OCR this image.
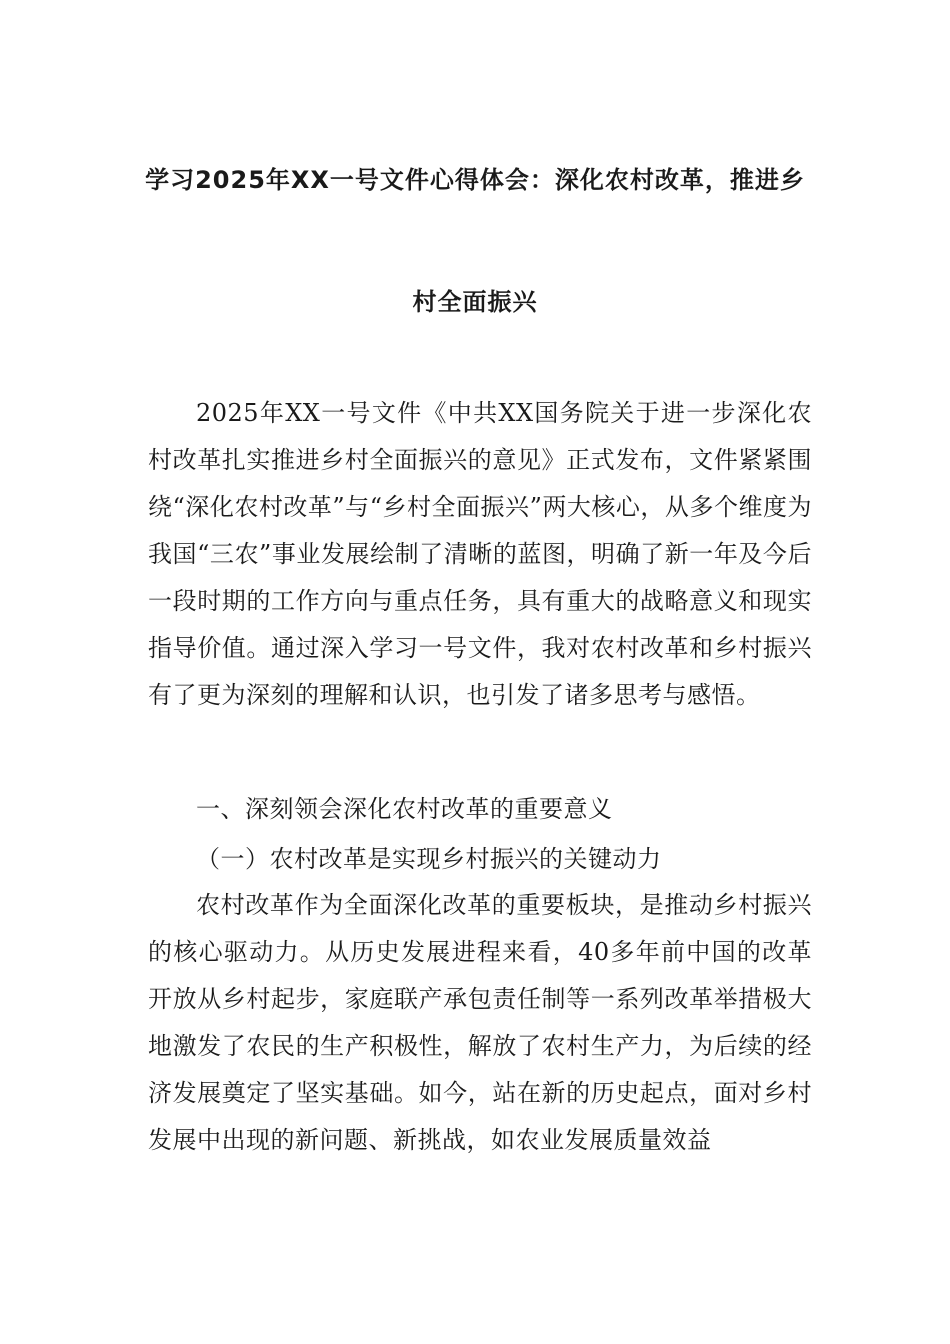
学习2025年XX一号文件心得体会：深化农村改革，推进乡
村全面振兴

2025年XX一号文件《中共XX国务院关于进一步深化农村改革扎实推进乡村全面振兴的意见》正式发布，文件紧紧围绕“深化农村改革”与“乡村全面振兴”两大核心，从多个维度为我国“三农”事业发展绘制了清晰的蓝图，明确了新一年及今后一段时期的工作方向与重点任务，具有重大的战略意义和现实指导价值。通过深入学习一号文件，我对农村改革和乡村振兴有了更为深刻的理解和认识，也引发了诸多思考与感悟。

一、深刻领会深化农村改革的重要意义
（一）农村改革是实现乡村振兴的关键动力

农村改革作为全面深化改革的重要板块，是推动乡村振兴的核心驱动力。从历史发展进程来看，40多年前中国的改革开放从乡村起步，家庭联产承包责任制等一系列改革举措极大地激发了农民的生产积极性，解放了农村生产力，为后续的经济发展奠定了坚实基础。如今，站在新的历史起点，面对乡村发展中出现的新问题、新挑战，如农业发展质量效益
